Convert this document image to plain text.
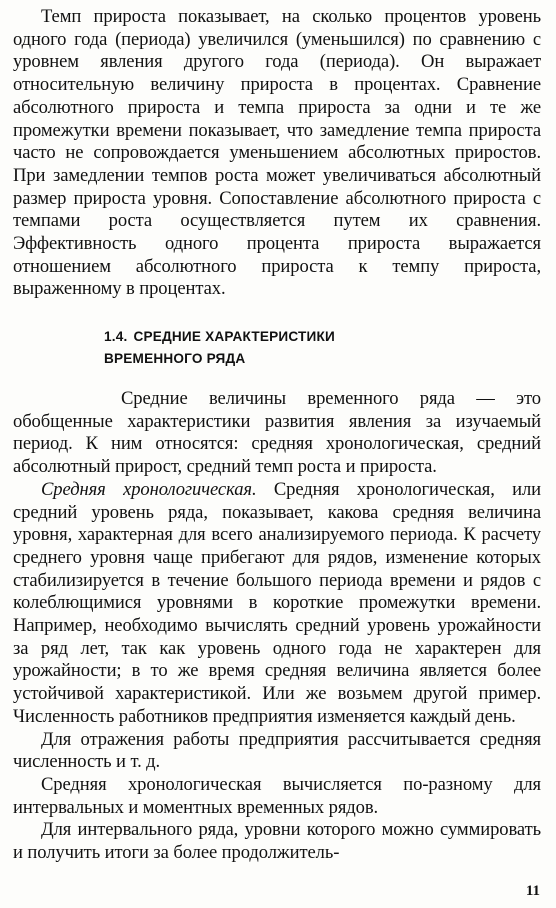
Темп прироста показывает, на сколько процентов уровень одного года (периода) увеличился (уменьшился) по сравнению с уровнем явления другого года (периода). Он выражает относительную величину прироста в процентах. Сравнение абсолютного прироста и темпа прироста за одни и те же промежутки времени показывает, что замедление темпа прироста часто не сопровождается уменьшением абсолютных приростов. При замедлении темпов роста может увеличиваться абсолютный размер прироста уровня. Сопоставление абсолютного прироста с темпами роста осуществляется путем их сравнения. Эффективность одного процента прироста выражается отношением абсолютного прироста к темпу прироста, выраженному в процентах.

1.4. СРЕДНИЕ ХАРАКТЕРИСТИКИ
ВРЕМЕННОГО РЯДА

Средние величины временного ряда — это обобщенные характеристики развития явления за изучаемый период. К ним относятся: средняя хронологическая, средний абсолютный прирост, средний темп роста и прироста.

Средняя хронологическая. Средняя хронологическая, или средний уровень ряда, показывает, какова средняя величина уровня, характерная для всего анализируемого периода. К расчету среднего уровня чаще прибегают для рядов, изменение которых стабилизируется в течение большого периода времени и рядов с колеблющимися уровнями в короткие промежутки времени. Например, необходимо вычислять средний уровень урожайности за ряд лет, так как уровень одного года не характерен для урожайности; в то же время средняя величина является более устойчивой характеристикой. Или же возьмем другой пример. Численность работников предприятия изменяется каждый день.

Для отражения работы предприятия рассчитывается средняя численность и т. д.

Средняя хронологическая вычисляется по-разному для интервальных и моментных временных рядов.

Для интервального ряда, уровни которого можно суммировать и получить итоги за более продолжитель-

11
